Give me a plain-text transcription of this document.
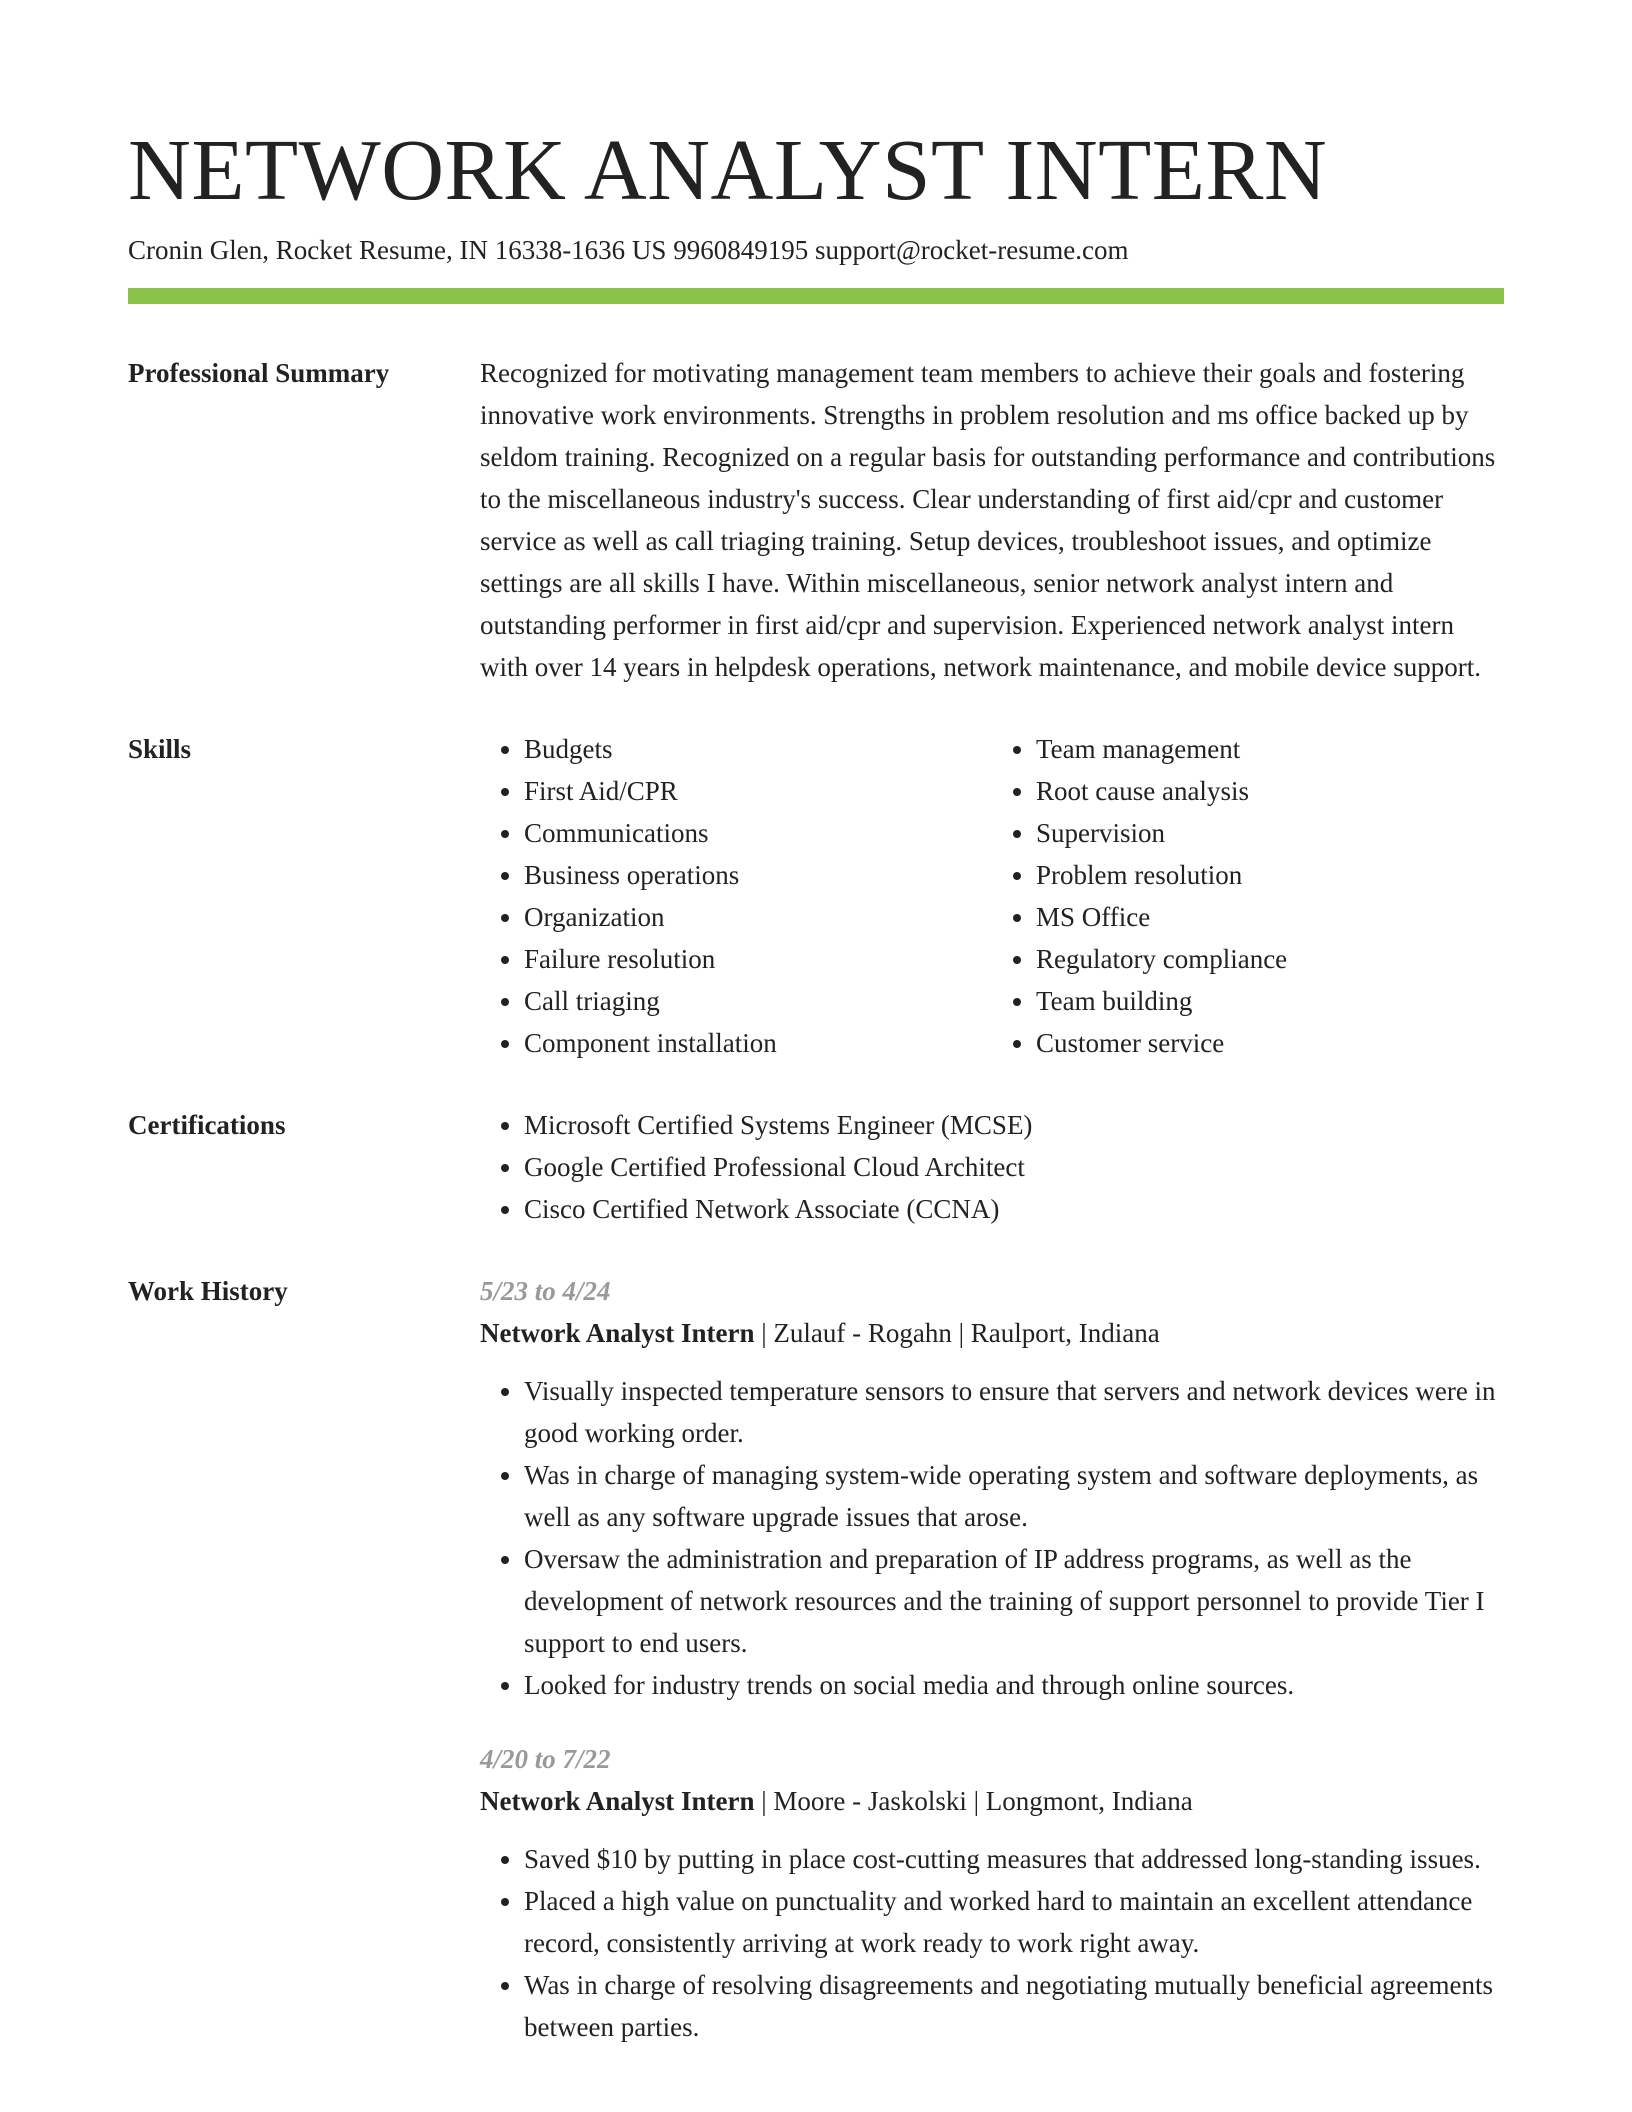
NETWORK ANALYST INTERN
Cronin Glen, Rocket Resume, IN 16338-1636 US 9960849195 support@rocket-resume.com
Professional Summary	Recognized for motivating management team members to achieve their goals and fostering innovative work environments. Strengths in problem resolution and ms office backed up by seldom training. Recognized on a regular basis for outstanding performance and contributions to the miscellaneous industry's success. Clear understanding of first aid/cpr and customer service as well as call triaging training. Setup devices, troubleshoot issues, and optimize settings are all skills I have. Within miscellaneous, senior network analyst intern and outstanding performer in first aid/cpr and supervision. Experienced network analyst intern with over 14 years in helpdesk operations, network maintenance, and mobile device support.

Skills	• Budgets
• First Aid/CPR
• Communications
• Business operations
• Organization
• Failure resolution
• Call triaging
• Component installation
• Team management
• Root cause analysis
• Supervision
• Problem resolution
• MS Office
• Regulatory compliance
• Team building
• Customer service
Certifications	• Microsoft Certified Systems Engineer (MCSE)
• Google Certified Professional Cloud Architect
• Cisco Certified Network Associate (CCNA)
Work History	5/23 to 4/24
Network Analyst Intern | Zulauf - Rogahn | Raulport, Indiana
• Visually inspected temperature sensors to ensure that servers and network devices were in good working order.
• Was in charge of managing system-wide operating system and software deployments, as well as any software upgrade issues that arose.
• Oversaw the administration and preparation of IP address programs, as well as the development of network resources and the training of support personnel to provide Tier I support to end users.
• Looked for industry trends on social media and through online sources.
4/20 to 7/22
Network Analyst Intern | Moore - Jaskolski | Longmont, Indiana
• Saved $10 by putting in place cost-cutting measures that addressed long-standing issues.
• Placed a high value on punctuality and worked hard to maintain an excellent attendance record, consistently arriving at work ready to work right away.
• Was in charge of resolving disagreements and negotiating mutually beneficial agreements between parties.
